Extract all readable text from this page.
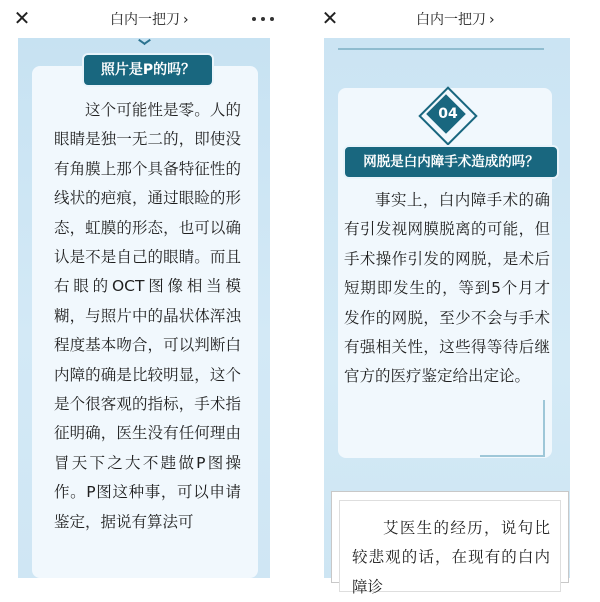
✕	白内一把刀 ›
照片是P的吗？
这个可能性是零。人的眼睛是独一无二的，即使没有角膜上那个具备特征性的线状的疤痕，通过眼睑的形态，虹膜的形态，也可以确认是不是自己的眼睛。而且右眼的OCT图像相当模糊，与照片中的晶状体浑浊程度基本吻合，可以判断白内障的确是比较明显，这个是个很客观的指标，手术指征明确，医生没有任何理由冒天下之大不韪做P图操作。P图这种事，可以申请鉴定，据说有算法可
✕	白内一把刀 ›
04
网脱是白内障手术造成的吗？
事实上，白内障手术的确有引发视网膜脱离的可能，但手术操作引发的网脱，是术后短期即发生的，等到5个月才发作的网脱，至少不会与手术有强相关性，这些得等待后继官方的医疗鉴定给出定论。
艾医生的经历，说句比较悲观的话，在现有的白内障诊
